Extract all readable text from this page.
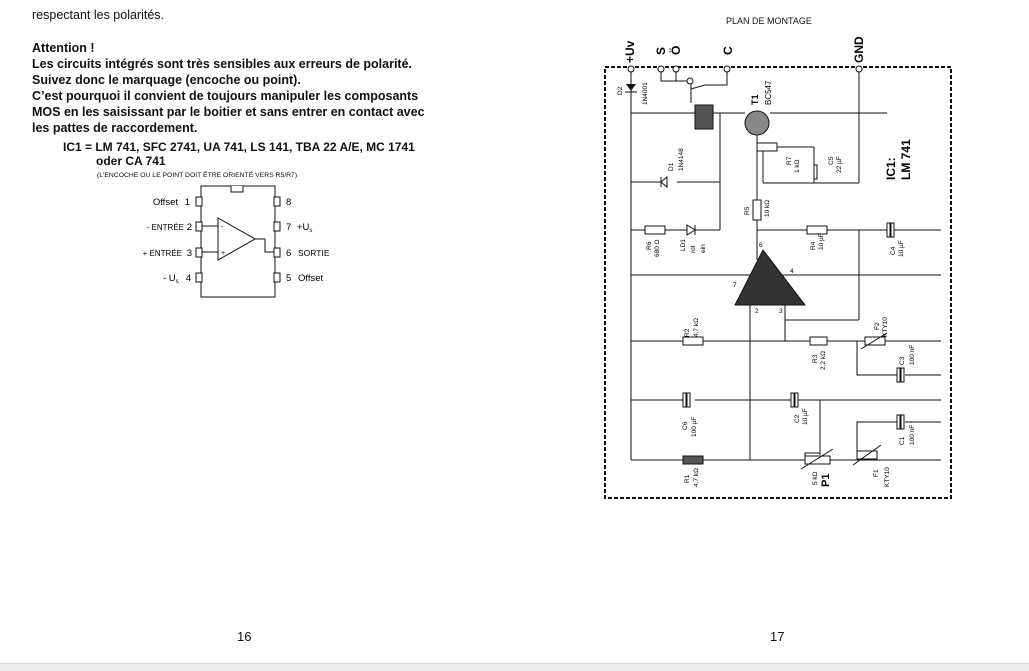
respectant les polarités.
Attention !
Les circuits intégrés sont très sensibles aux erreurs de polarité.
Suivez donc le marquage (encoche ou point).
C’est pourquoi il convient de toujours manipuler les composants
MOS en les saisissant par le boitier et sans entrer en contact avec
les pattes de raccordement.
IC1 = LM 741, SFC 2741, UA 741, LS 141, TBA 22 A/E, MC 1741
oder CA 741
(L'ENCOCHE OU LE POINT DOIT ÊTRE ORIENTÉ VERS R5/R7)
-
+
Offset 1
- ENTRÉE 2
+ ENTRÉE 3
- $U_s$ 4
8
$7 +U_s$
6 SORTIE
5 Offset
16
PLAN DE MONTAGE
+Uv S Ö	C	GND
D2	1N4001	T1 BC547
D1 1N4148	R7 1 kΩ	C5 22 µF
R5 10 kΩ
R6 680 Ω	LD1 rot ein	R4 10 µF
C4 10 µF
IC1: LM 741
6
7
4
2	3
R2 4,7 kΩ	F2 KTY10
R3 2,2 kΩ	C3 100 nF
C6 100 µF	C2 10 µF
C1 100 nF
R1 4,7 kΩ	5 kΩ P1
F1 KTY10
17
